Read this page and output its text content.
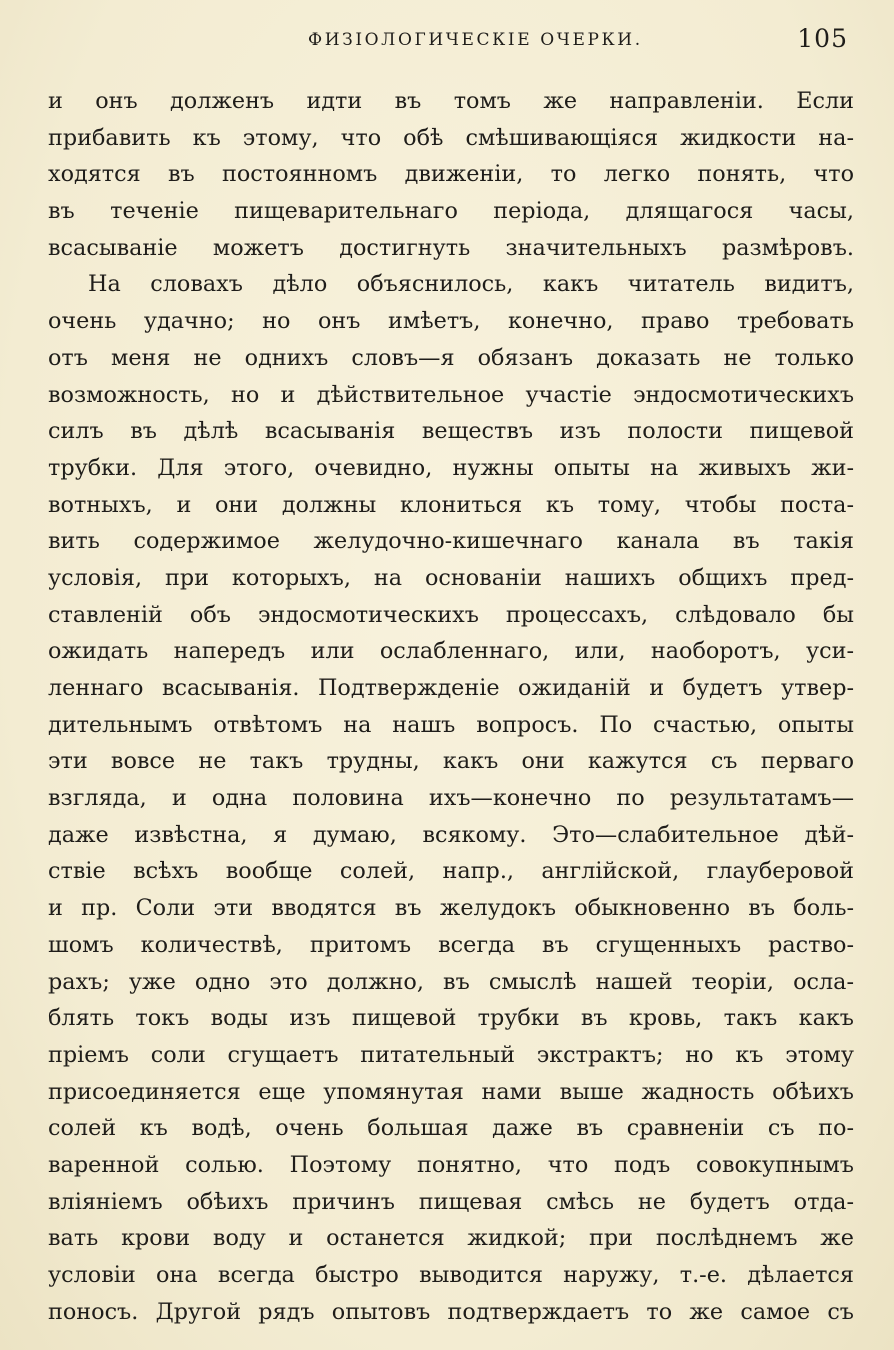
ФИЗІОЛОГИЧЕСКІЕ ОЧЕРКИ.	105
и онъ долженъ идти въ томъ же направленіи. Если
прибавить къ этому, что обѣ смѣшивающіяся жидкости на-
ходятся въ постоянномъ движеніи, то легко понять, что
въ теченіе пищеварительнаго періода, длящагося часы,
всасываніе можетъ достигнуть значительныхъ размѣровъ.
На словахъ дѣло объяснилось, какъ читатель видитъ,
очень удачно; но онъ имѣетъ, конечно, право требовать
отъ меня не однихъ словъ—я обязанъ доказать не только
возможность, но и дѣйствительное участіе эндосмотическихъ
силъ въ дѣлѣ всасыванія веществъ изъ полости пищевой
трубки. Для этого, очевидно, нужны опыты на живыхъ жи-
вотныхъ, и они должны клониться къ тому, чтобы поста-
вить содержимое желудочно-кишечнаго канала въ такія
условія, при которыхъ, на основаніи нашихъ общихъ пред-
ставленій объ эндосмотическихъ процессахъ, слѣдовало бы
ожидать напередъ или ослабленнаго, или, наоборотъ, уси-
леннаго всасыванія. Подтвержденіе ожиданій и будетъ утвер-
дительнымъ отвѣтомъ на нашъ вопросъ. По счастью, опыты
эти вовсе не такъ трудны, какъ они кажутся съ перваго
взгляда, и одна половина ихъ—конечно по результатамъ—
даже извѣстна, я думаю, всякому. Это—слабительное дѣй-
ствіе всѣхъ вообще солей, напр., англійской, глауберовой
и пр. Соли эти вводятся въ желудокъ обыкновенно въ боль-
шомъ количествѣ, притомъ всегда въ сгущенныхъ раство-
рахъ; уже одно это должно, въ смыслѣ нашей теоріи, осла-
блять токъ воды изъ пищевой трубки въ кровь, такъ какъ
пріемъ соли сгущаетъ питательный экстрактъ; но къ этому
присоединяется еще упомянутая нами выше жадность обѣихъ
солей къ водѣ, очень большая даже въ сравненіи съ по-
варенной солью. Поэтому понятно, что подъ совокупнымъ
вліяніемъ обѣихъ причинъ пищевая смѣсь не будетъ отда-
вать крови воду и останется жидкой; при послѣднемъ же
условіи она всегда быстро выводится наружу, т.-е. дѣлается
поносъ. Другой рядъ опытовъ подтверждаетъ то же самое съ
